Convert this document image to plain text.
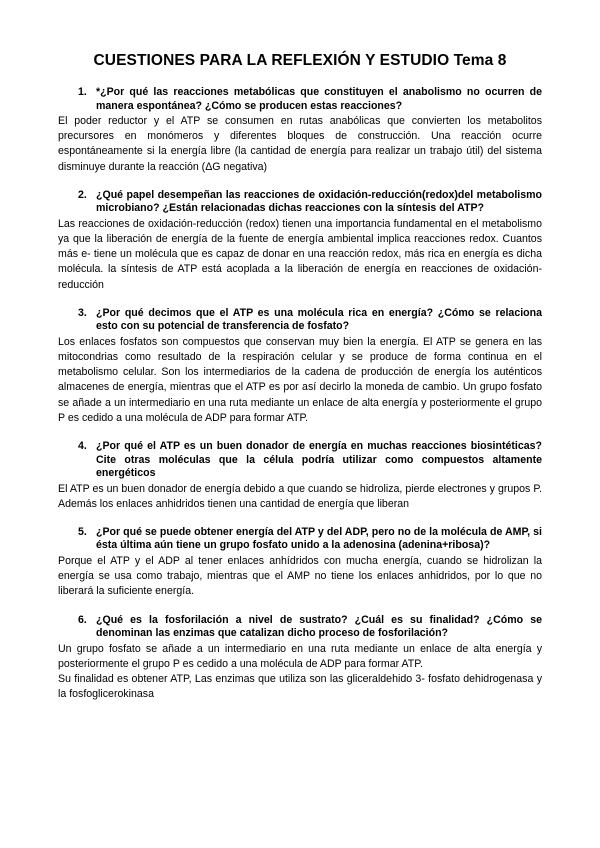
CUESTIONES PARA LA REFLEXIÓN Y ESTUDIO Tema 8
1. *¿Por qué las reacciones metabólicas que constituyen el anabolismo no ocurren de manera espontánea? ¿Cómo se producen estas reacciones?

El poder reductor y el ATP se consumen en rutas anabólicas que convierten los metabolitos precursores en monómeros y diferentes bloques de construcción. Una reacción ocurre espontáneamente si la energía libre (la cantidad de energía para realizar un trabajo útil) del sistema disminuye durante la reacción (ΔG negativa)

2. ¿Qué papel desempeñan las reacciones de oxidación-reducción(redox)del metabolismo microbiano? ¿Están relacionadas dichas reacciones con la síntesis del ATP?

Las reacciones de oxidación-reducción (redox) tienen una importancia fundamental en el metabolismo ya que la liberación de energía de la fuente de energía ambiental implica reacciones redox. Cuantos más e- tiene un molécula que es capaz de donar en una reacción redox, más rica en energía es dicha molécula. la síntesis de ATP está acoplada a la liberación de energía en reacciones de oxidación-reducción

3. ¿Por qué decimos que el ATP es una molécula rica en energía? ¿Cómo se relaciona esto con su potencial de transferencia de fosfato?

Los enlaces fosfatos son compuestos que conservan muy bien la energía. El ATP se genera en las mitocondrias como resultado de la respiración celular y se produce de forma continua en el metabolismo celular. Son los intermediarios de la cadena de producción de energía los auténticos almacenes de energía, mientras que el ATP es por así decirlo la moneda de cambio. Un grupo fosfato se añade a un intermediario en una ruta mediante un enlace de alta energía y posteriormente el grupo P es cedido a una molécula de ADP para formar ATP.

4. ¿Por qué el ATP es un buen donador de energía en muchas reacciones biosintéticas? Cite otras moléculas que la célula podría utilizar como compuestos altamente energéticos

El ATP es un buen donador de energía debido a que cuando se hidroliza, pierde electrones y grupos P. Además los enlaces anhidridos tienen una cantidad de energía que liberan

5. ¿Por qué se puede obtener energía del ATP y del ADP, pero no de la molécula de AMP, si ésta última aún tiene un grupo fosfato unido a la adenosina (adenina+ribosa)?

Porque el ATP y el ADP al tener enlaces anhídridos con mucha energía, cuando se hidrolizan la energía se usa como trabajo, mientras que el AMP no tiene los enlaces anhidridos, por lo que no liberará la suficiente energía.

6. ¿Qué es la fosforilación a nivel de sustrato? ¿Cuál es su finalidad? ¿Cómo se denominan las enzimas que catalizan dicho proceso de fosforilación?

Un grupo fosfato se añade a un intermediario en una ruta mediante un enlace de alta energía y posteriormente el grupo P es cedido a una molécula de ADP para formar ATP.

Su finalidad es obtener ATP, Las enzimas que utiliza son las gliceraldehido 3- fosfato dehidrogenasa y la fosfoglicerokinasa
